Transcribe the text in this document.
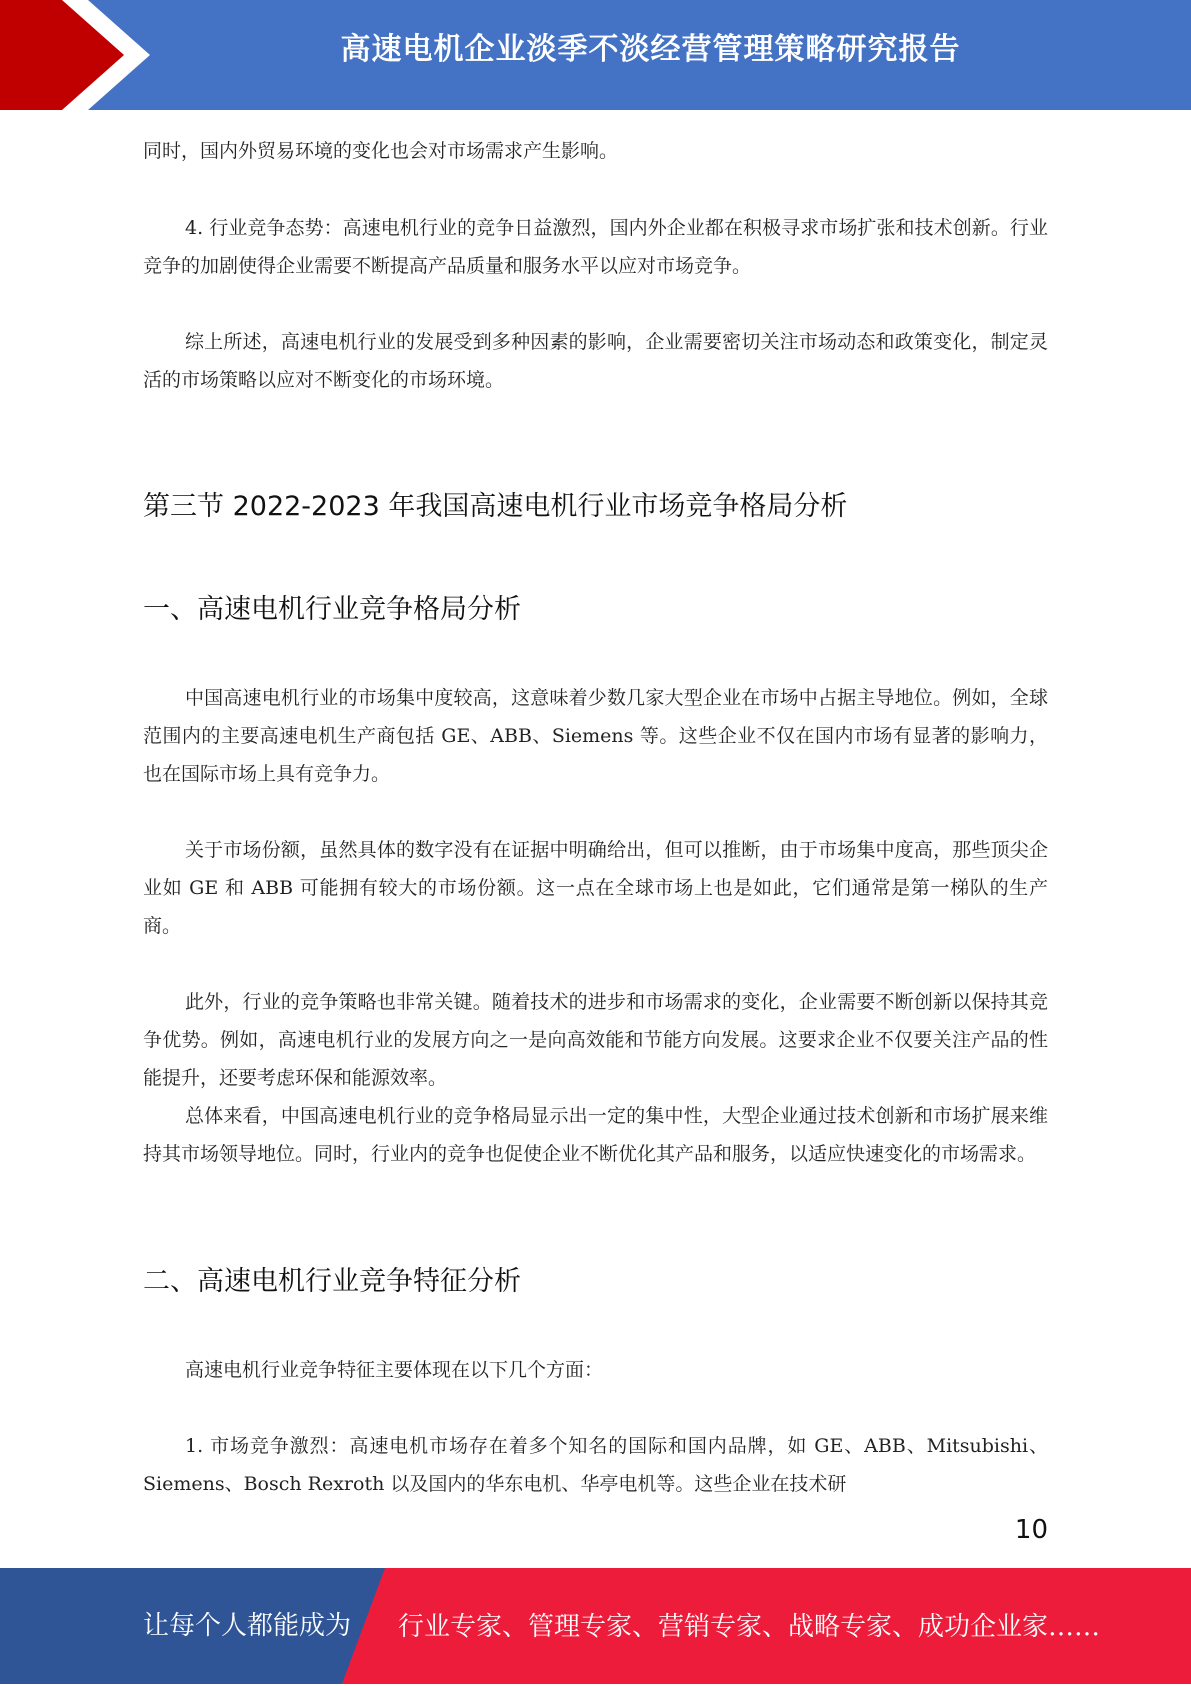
高速电机企业淡季不淡经营管理策略研究报告

同时，国内外贸易环境的变化也会对市场需求产生影响。

4. 行业竞争态势：高速电机行业的竞争日益激烈，国内外企业都在积极寻求市场扩张和技术创新。行业竞争的加剧使得企业需要不断提高产品质量和服务水平以应对市场竞争。

综上所述，高速电机行业的发展受到多种因素的影响，企业需要密切关注市场动态和政策变化，制定灵活的市场策略以应对不断变化的市场环境。

第三节 2022-2023 年我国高速电机行业市场竞争格局分析
一、高速电机行业竞争格局分析

中国高速电机行业的市场集中度较高，这意味着少数几家大型企业在市场中占据主导地位。例如，全球范围内的主要高速电机生产商包括 GE、ABB、Siemens 等。这些企业不仅在国内市场有显著的影响力，也在国际市场上具有竞争力。

关于市场份额，虽然具体的数字没有在证据中明确给出，但可以推断，由于市场集中度高，那些顶尖企业如 GE 和 ABB 可能拥有较大的市场份额。这一点在全球市场上也是如此，它们通常是第一梯队的生产商。

此外，行业的竞争策略也非常关键。随着技术的进步和市场需求的变化，企业需要不断创新以保持其竞争优势。例如，高速电机行业的发展方向之一是向高效能和节能方向发展。这要求企业不仅要关注产品的性能提升，还要考虑环保和能源效率。

总体来看，中国高速电机行业的竞争格局显示出一定的集中性，大型企业通过技术创新和市场扩展来维持其市场领导地位。同时，行业内的竞争也促使企业不断优化其产品和服务，以适应快速变化的市场需求。

二、高速电机行业竞争特征分析

高速电机行业竞争特征主要体现在以下几个方面：

1. 市场竞争激烈：高速电机市场存在着多个知名的国际和国内品牌，如 GE、ABB、Mitsubishi、Siemens、Bosch Rexroth 以及国内的华东电机、华亭电机等。这些企业在技术研

10
让每个人都能成为 行业专家、管理专家、营销专家、战略专家、成功企业家……
